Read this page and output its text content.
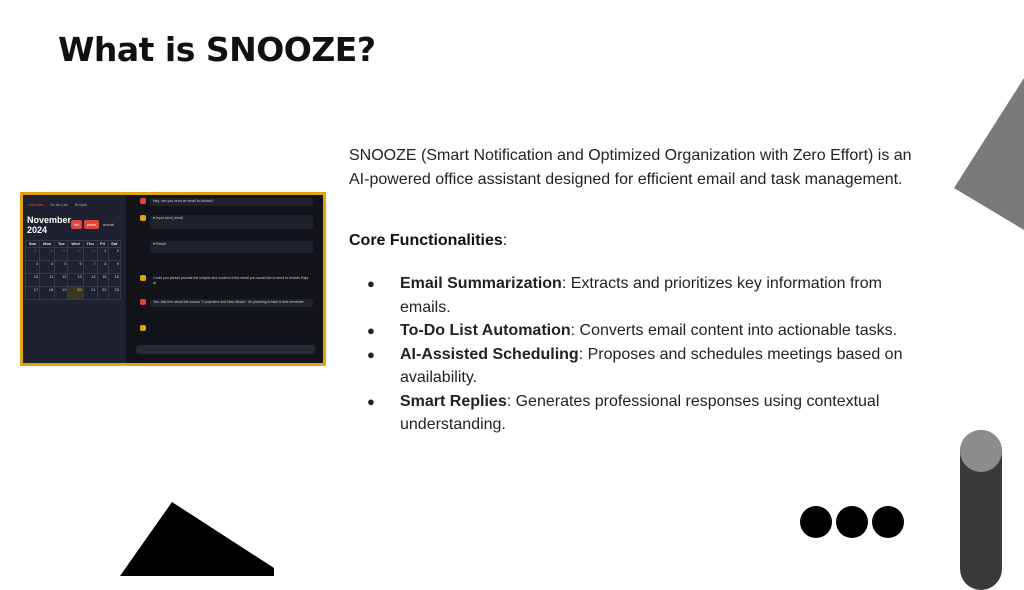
What is SNOOZE?
Calendar To-do List Emails
November
2024
list	week	month
Sun	Mon	Tue	Wed	Thu	Fri	Sat
27	28	29	30	31	1	2
3	4	5	6	7	8	9
10	11	12	13	14	15	16
17	18	19	20	21	22	23
Hey, can you send an email to Ashwin?
♥ Input send_email
♥ Result
Could you please provide the subject and content of the email you would like to send to Ashwin Raja at
Yes, Ask him about the course "Computers and New Media". I'm planning to take it next semester.
SNOOZE (Smart Notification and Optimized Organization with Zero Effort) is an AI-powered office assistant designed for efficient email and task management.
Core Functionalities:
● Email Summarization: Extracts and prioritizes key information from emails.
● To-Do List Automation: Converts email content into actionable tasks.
● AI-Assisted Scheduling: Proposes and schedules meetings based on availability.
● Smart Replies: Generates professional responses using contextual understanding.
